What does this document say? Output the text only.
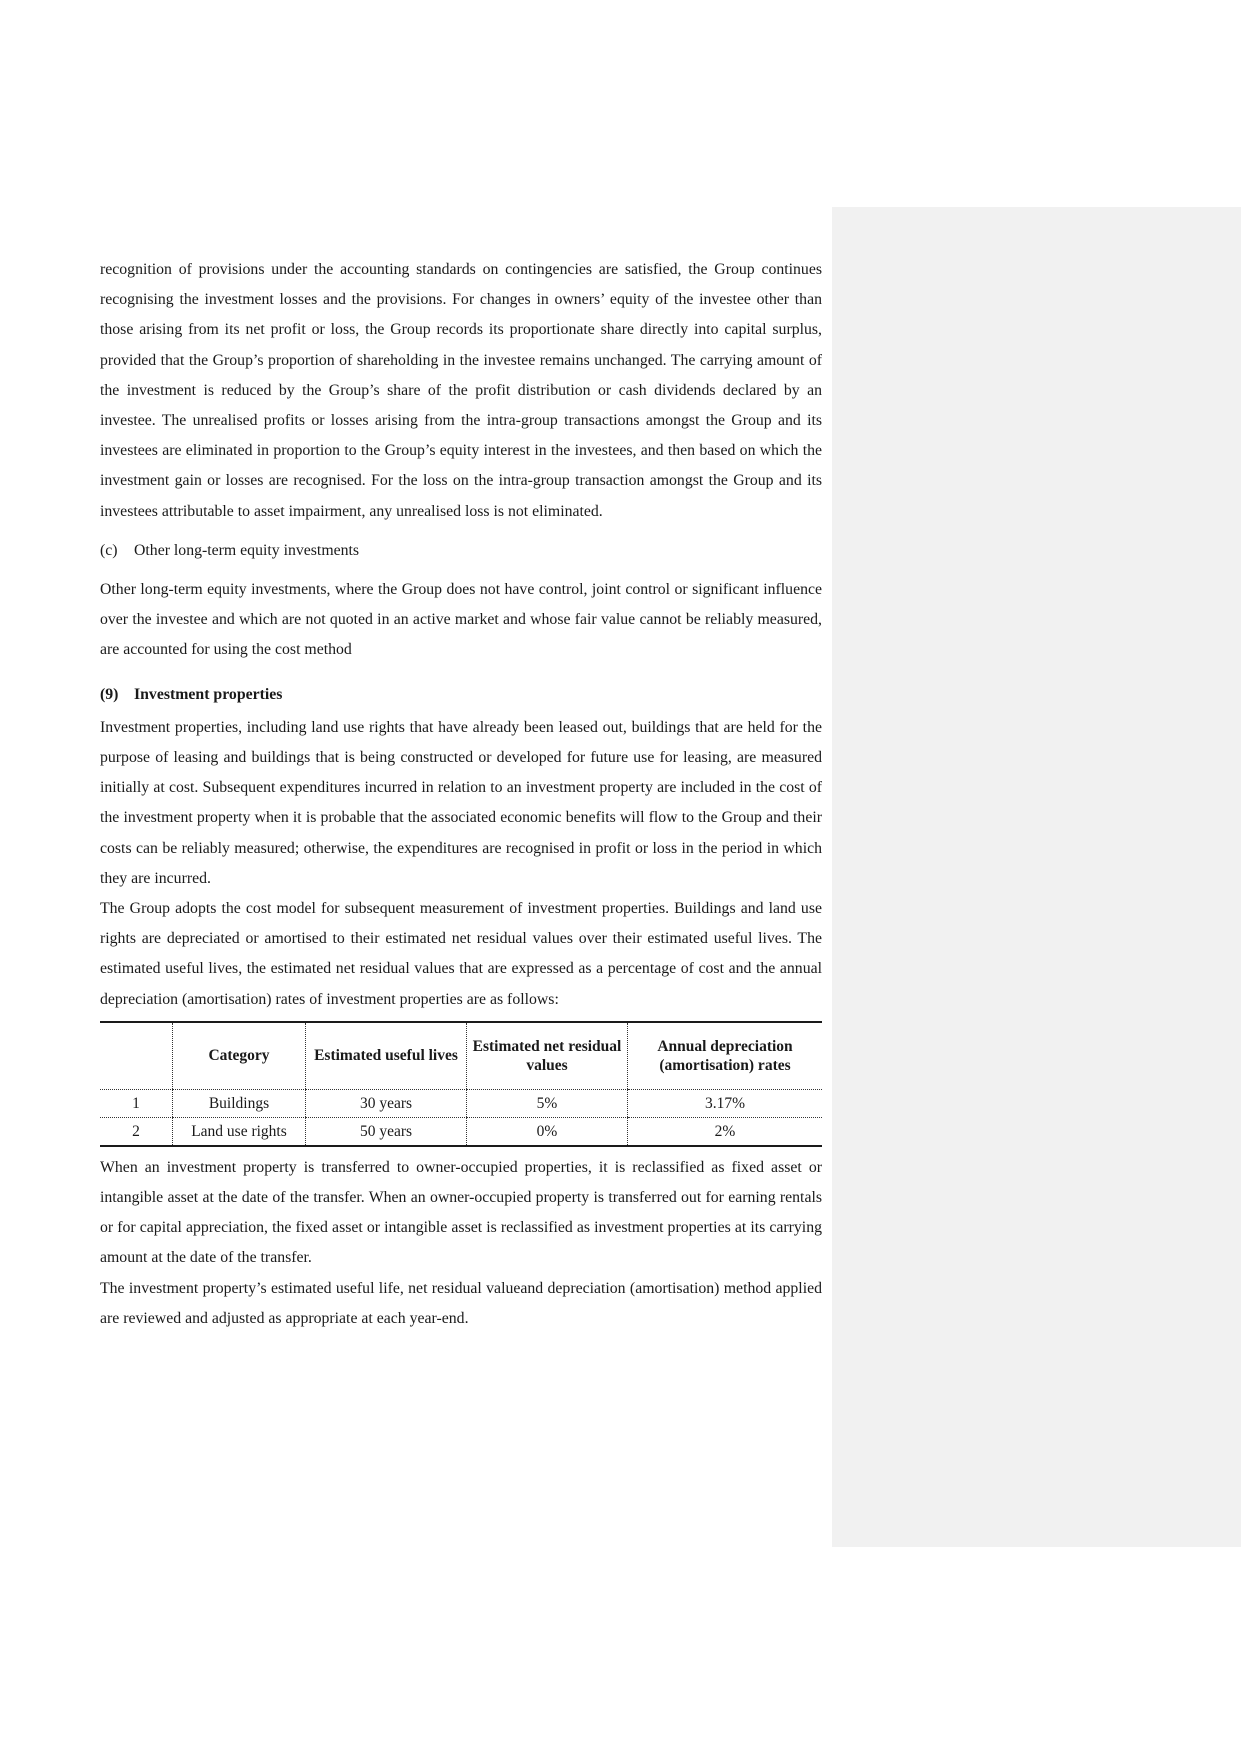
recognition of provisions under the accounting standards on contingencies are satisfied, the Group continues recognising the investment losses and the provisions. For changes in owners’ equity of the investee other than those arising from its net profit or loss, the Group records its proportionate share directly into capital surplus, provided that the Group’s proportion of shareholding in the investee remains unchanged. The carrying amount of the investment is reduced by the Group’s share of the profit distribution or cash dividends declared by an investee. The unrealised profits or losses arising from the intra-group transactions amongst the Group and its investees are eliminated in proportion to the Group’s equity interest in the investees, and then based on which the investment gain or losses are recognised. For the loss on the intra-group transaction amongst the Group and its investees attributable to asset impairment, any unrealised loss is not eliminated.

(c)	Other long-term equity investments

Other long-term equity investments, where the Group does not have control, joint control or significant influence over the investee and which are not quoted in an active market and whose fair value cannot be reliably measured, are accounted for using the cost method

(9) Investment properties

Investment properties, including land use rights that have already been leased out, buildings that are held for the purpose of leasing and buildings that is being constructed or developed for future use for leasing, are measured initially at cost. Subsequent expenditures incurred in relation to an investment property are included in the cost of the investment property when it is probable that the associated economic benefits will flow to the Group and their costs can be reliably measured; otherwise, the expenditures are recognised in profit or loss in the period in which they are incurred.

The Group adopts the cost model for subsequent measurement of investment properties. Buildings and land use rights are depreciated or amortised to their estimated net residual values over their estimated useful lives. The estimated useful lives, the estimated net residual values that are expressed as a percentage of cost and the annual depreciation (amortisation) rates of investment properties are as follows:

	Category	Estimated useful lives	Estimated net residual values	Annual depreciation (amortisation) rates
1	Buildings	30 years	5%	3.17%
2	Land use rights	50 years	0%	2%

When an investment property is transferred to owner-occupied properties, it is reclassified as fixed asset or intangible asset at the date of the transfer. When an owner-occupied property is transferred out for earning rentals or for capital appreciation, the fixed asset or intangible asset is reclassified as investment properties at its carrying amount at the date of the transfer.

The investment property’s estimated useful life, net residual valueand depreciation (amortisation) method applied are reviewed and adjusted as appropriate at each year-end.
